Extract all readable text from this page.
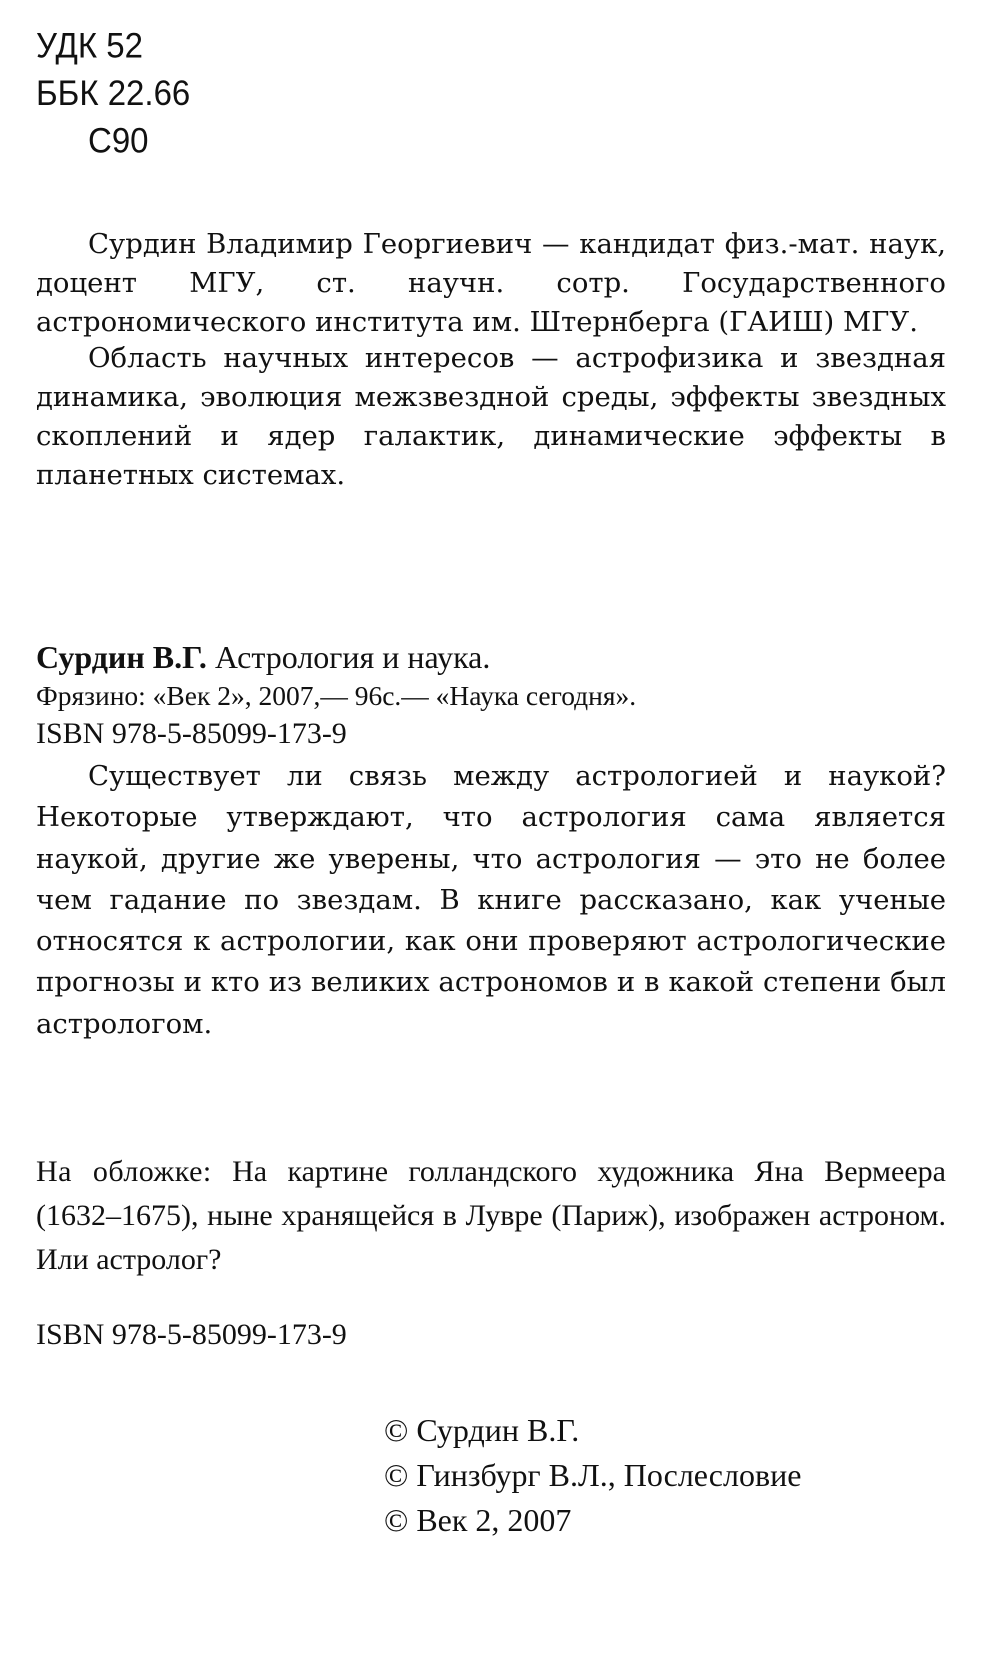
УДК 52
ББК 22.66
С90

Сурдин Владимир Георгиевич — кандидат физ.-мат. наук, доцент МГУ, ст. научн. сотр. Государственного астрономического института им. Штернберга (ГАИШ) МГУ.

Область научных интересов — астрофизика и звездная динамика, эволюция межзвездной среды, эффекты звездных скоплений и ядер галактик, динамические эффекты в планетных системах.

Сурдин В.Г. Астрология и наука.
Фрязино: «Век 2», 2007,— 96с.— «Наука сегодня».
ISBN 978-5-85099-173-9

Существует ли связь между астрологией и наукой? Некоторые утверждают, что астрология сама является наукой, другие же уверены, что астрология — это не более чем гадание по звездам. В книге рассказано, как ученые относятся к астрологии, как они проверяют астрологические прогнозы и кто из великих астрономов и в какой степени был астрологом.

На обложке: На картине голландского художника Яна Вермеера (1632–1675), ныне хранящейся в Лувре (Париж), изображен астроном. Или астролог?
ISBN 978-5-85099-173-9
© Сурдин В.Г.
© Гинзбург В.Л., Послесловие
© Век 2, 2007
